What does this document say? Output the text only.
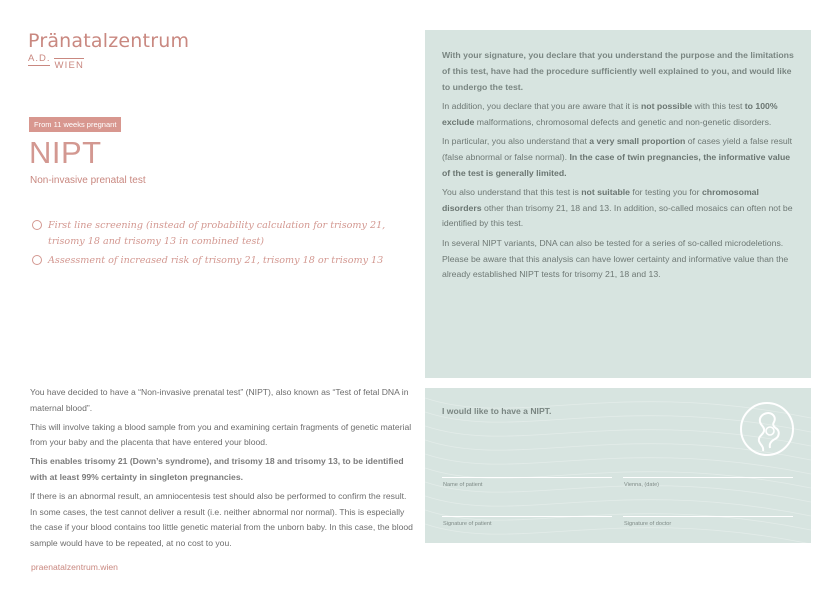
Pränatalzentrum
A.D.
WIEN
From 11 weeks pregnant
NIPT
Non-invasive prenatal test
First line screening (instead of probability calculation for trisomy 21, trisomy 18 and trisomy 13 in combined test)
Assessment of increased risk of trisomy 21, trisomy 18 or trisomy 13

You have decided to have a “Non-invasive prenatal test” (NIPT), also known as “Test of fetal DNA in maternal blood”.

This will involve taking a blood sample from you and examining certain fragments of genetic material from your baby and the placenta that have entered your blood.

This enables trisomy 21 (Down’s syndrome), and trisomy 18 and trisomy 13, to be identified with at least 99% certainty in singleton pregnancies.

If there is an abnormal result, an amniocentesis test should also be performed to confirm the result. In some cases, the test cannot deliver a result (i.e. neither abnormal nor normal). This is especially the case if your blood contains too little genetic material from the unborn baby. In this case, the blood sample would have to be repeated, at no cost to you.

praenatalzentrum.wien

With your signature, you declare that you understand the purpose and the limitations of this test, have had the procedure sufficiently well explained to you, and would like to undergo the test.

In addition, you declare that you are aware that it is not possible with this test to 100% exclude malformations, chromosomal defects and genetic and non-genetic disorders.

In particular, you also understand that a very small proportion of cases yield a false result (false abnormal or false normal). In the case of twin pregnancies, the informative value of the test is generally limited.

You also understand that this test is not suitable for testing you for chromosomal disorders other than trisomy 21, 18 and 13. In addition, so-called mosaics can often not be identified by this test.

In several NIPT variants, DNA can also be tested for a series of so-called microdeletions. Please be aware that this analysis can have lower certainty and informative value than the already established NIPT tests for trisomy 21, 18 and 13.

I would like to have a NIPT.
Name of patient	Vienna, (date)
Signature of patient	Signature of doctor
